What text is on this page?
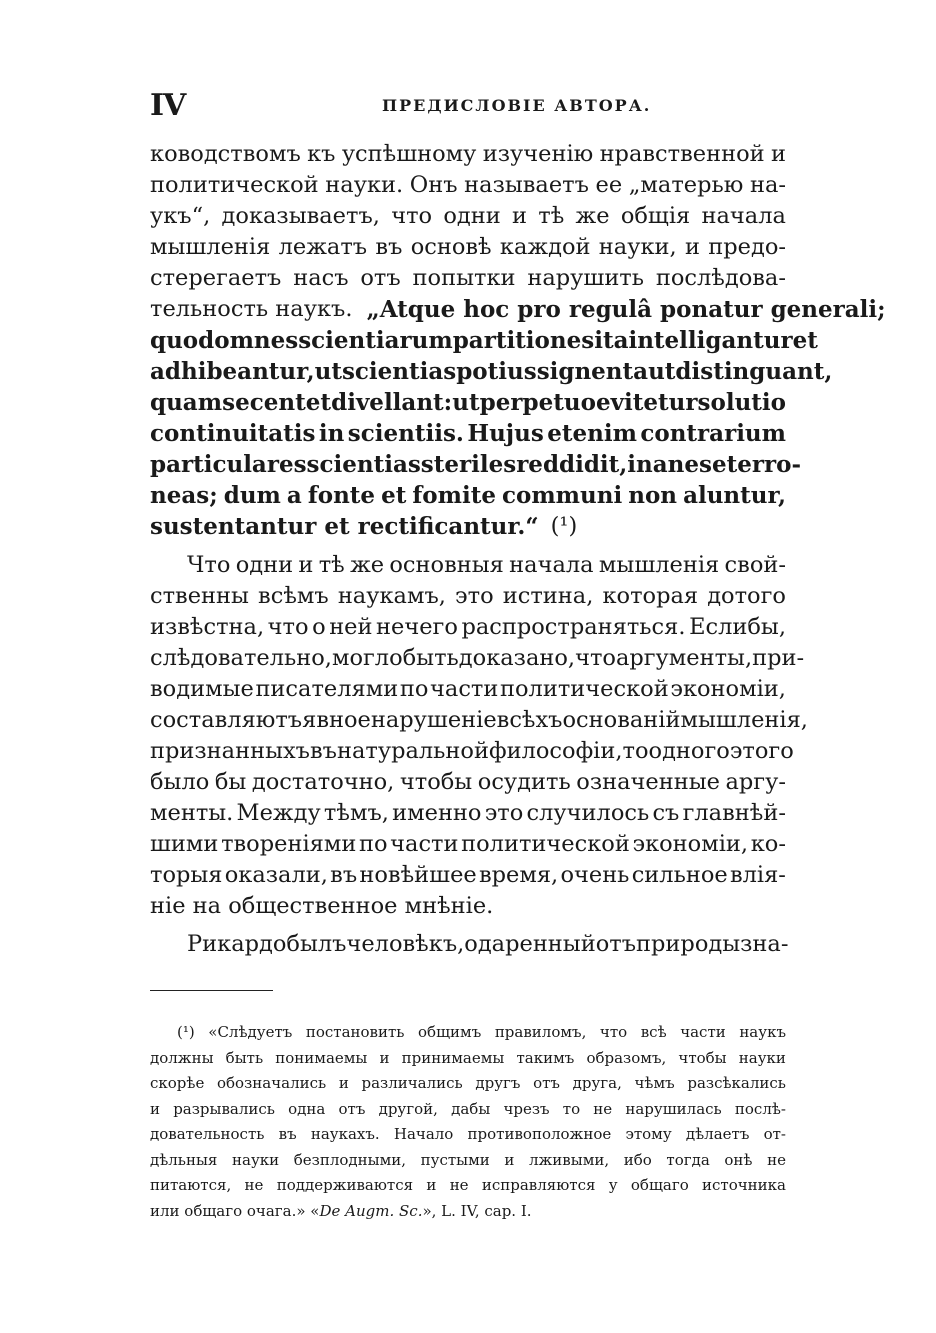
IV	ПРЕДИСЛОВІЕ АВТОРА.
ководствомъ къ успѣшному изученію нравственной и
политической науки. Онъ называетъ ее „матерью на-
укъ“, доказываетъ, что одни и тѣ же общія начала
мышленія лежатъ въ основѣ каждой науки, и предо-
стерегаетъ насъ отъ попытки нарушить послѣдова-
тельность наукъ. „Atque hoc pro regulâ ponatur generali;
quod omnes scientiarum partitiones ita intelligantur et
adhibeantur, ut scientias potius signent aut distinguant,
quam secent et divellant: ut perpetuo evitetur solutio
continuitatis in scientiis. Hujus etenim contrarium
particulares scientias steriles reddidit, inanes et erro-
neas; dum a fonte et fomite communi non aluntur,
sustentantur et rectificantur.“ (¹)
Что одни и тѣ же основныя начала мышленія свой-
ственны всѣмъ наукамъ, это истина, которая дотого
извѣстна, что о ней нечего распространяться. Еслибы,
слѣдовательно, могло быть доказано, что аргументы, при-
водимые писателями по части политической экономіи,
составляютъ явное нарушеніе всѣхъ основаній мышленія,
признанныхъ въ натуральной философіи, то одного этого
было бы достаточно, чтобы осудить означенные аргу-
менты. Между тѣмъ, именно это случилось съ главнѣй-
шими твореніями по части политической экономіи, ко-
торыя оказали, въ новѣйшее время, очень сильное влія-
ніе на общественное мнѣніе.
Рикардо былъ человѣкъ, одаренный отъ природы зна-
(¹) «Слѣдуетъ постановить общимъ правиломъ, что всѣ части наукъ
должны быть понимаемы и принимаемы такимъ образомъ, чтобы науки
скорѣе обозначались и различались другъ отъ друга, чѣмъ разсѣкались
и разрывались одна отъ другой, дабы чрезъ то не нарушилась послѣ-
довательность въ наукахъ. Начало противоположное этому дѣлаетъ от-
дѣльныя науки безплодными, пустыми и лживыми, ибо тогда онѣ не
питаются, не поддерживаются и не исправляются у общаго источника
или общаго очага.» « De Augm. Sc. », L. IV, cap. I.
